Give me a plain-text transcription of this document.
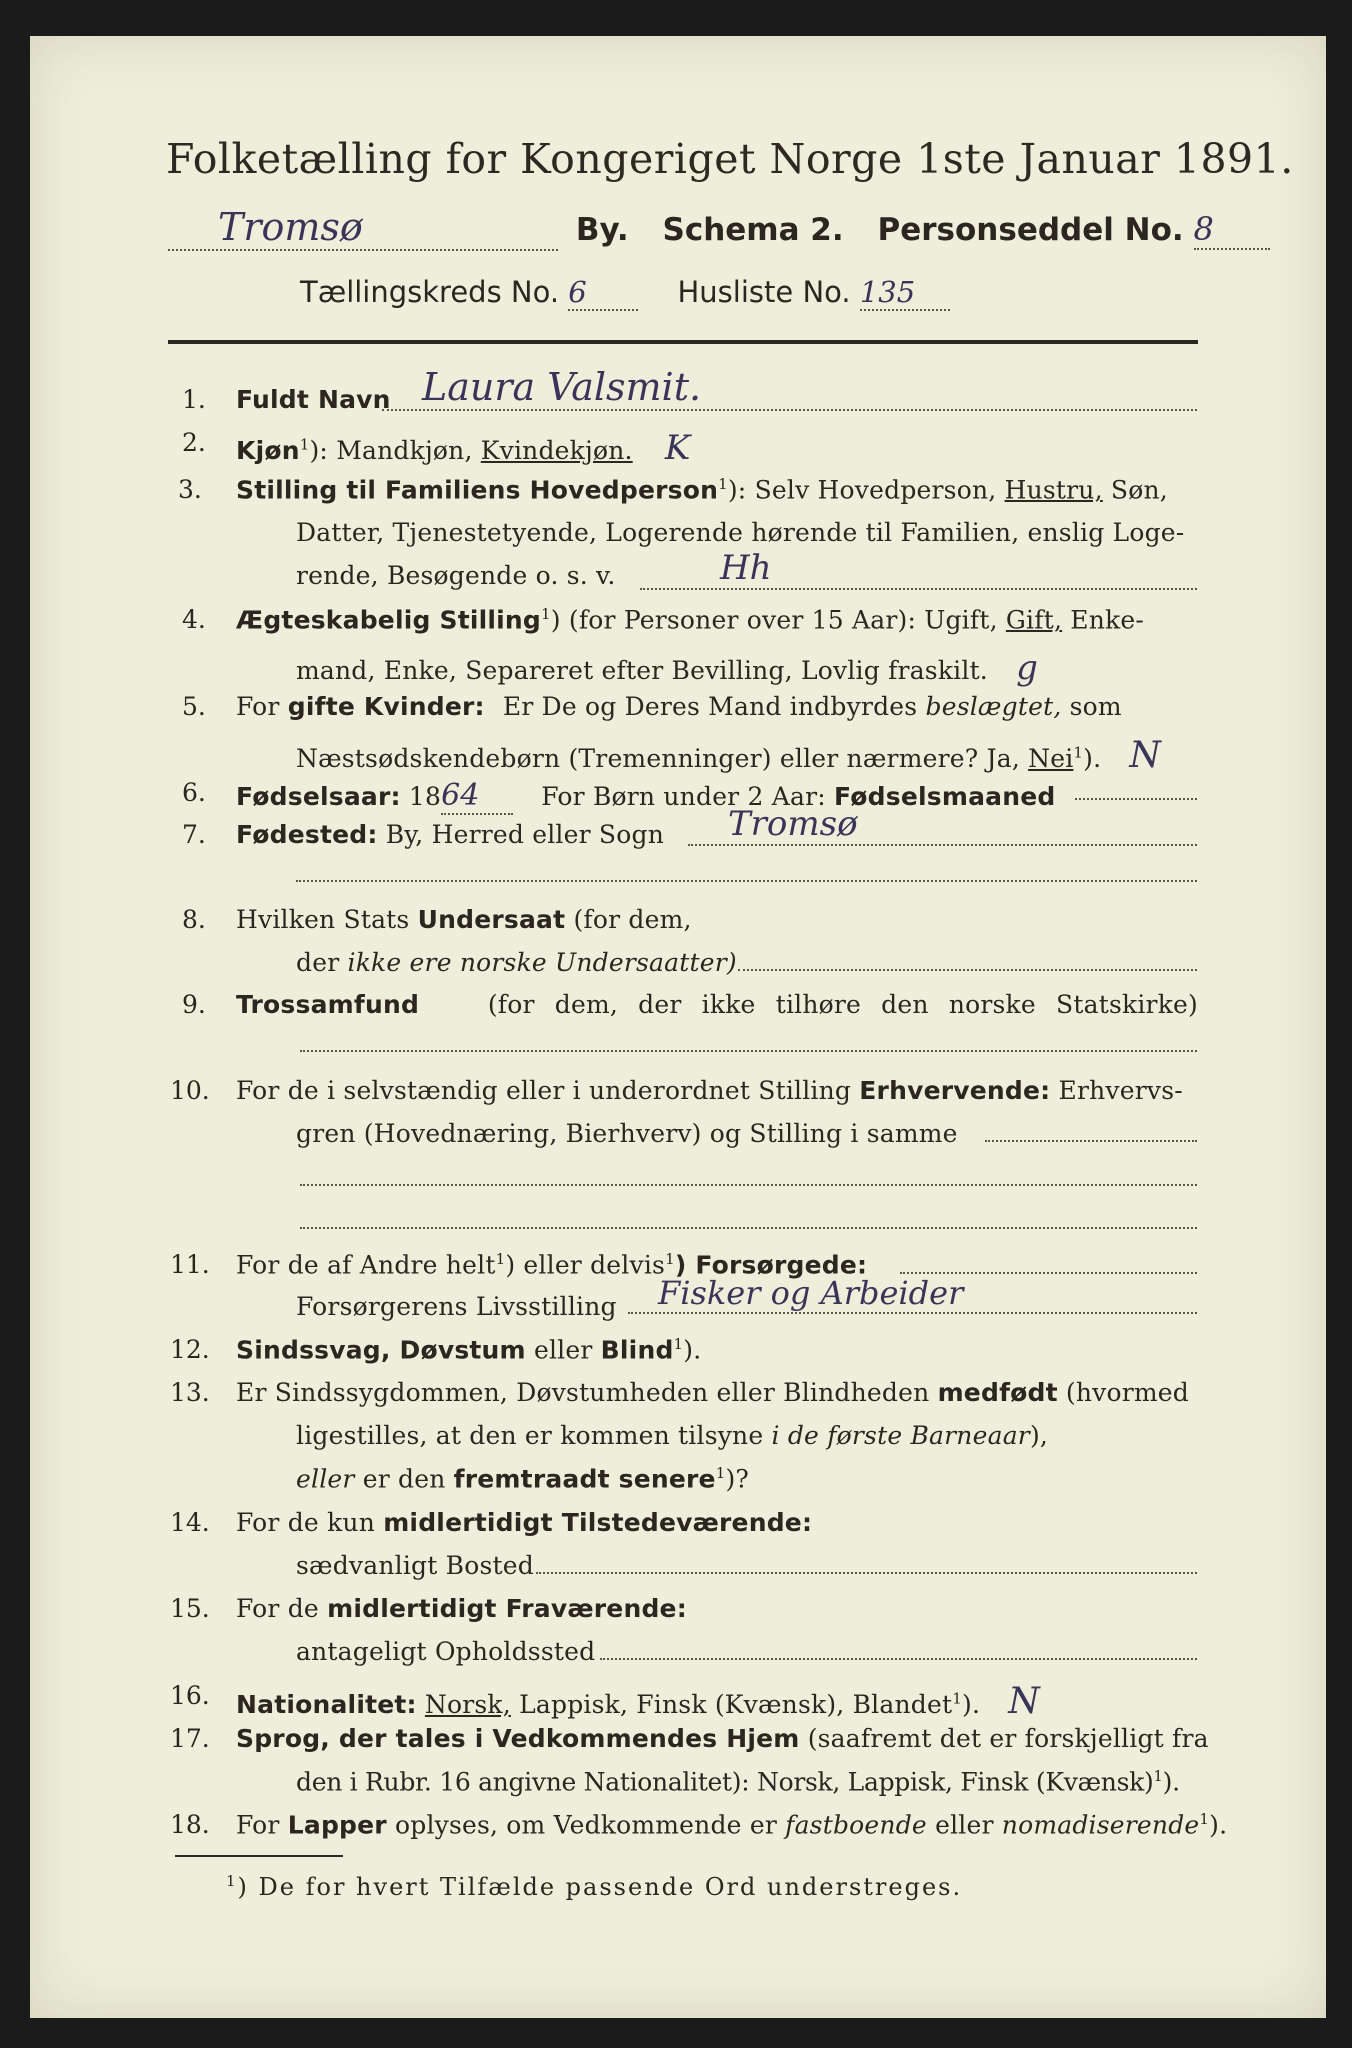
Folketælling for Kongeriget Norge 1ste Januar 1891.
Tromsø	By. Schema 2. Personseddel No. 8
Tællingskreds No. 6	Husliste No. 135
1. Fuldt Navn Laura Valsmit.
2. Kjøn$^1$): Mandkjøn, Kvindekjøn. K
3. Stilling til Familiens Hovedperson$^1$): Selv Hovedperson, Hustru, Søn,
Datter, Tjenestetyende, Logerende hørende til Familien, enslig Loge-
rende, Besøgende o. s. v.	Hh
4. Ægteskabelig Stilling$^1$) (for Personer over 15 Aar): Ugift, Gift, Enke-
mand, Enke, Separeret efter Bevilling, Lovlig fraskilt. g
5. For gifte Kvinder: Er De og Deres Mand indbyrdes beslægtet, som
Næstsødskendebørn (Tremenninger) eller nærmere? Ja, Nei$^1$). N
6. Fødselsaar: 1864 For Børn under 2 Aar: Fødselsmaaned
7. Fødested: By, Herred eller Sogn	Tromsø
8. Hvilken Stats Undersaat (for dem,
der ikke ere norske Undersaatter)
9. Trossamfund	(for dem, der ikke tilhøre den norske Statskirke)
10. For de i selvstændig eller i underordnet Stilling Erhvervende: Erhvervs-
gren (Hovednæring, Bierhverv) og Stilling i samme
11. For de af Andre helt$^1$) eller delvis$^1$) Forsørgede:
Forsørgerens Livsstilling	Fisker og Arbeider
12. Sindssvag, Døvstum eller Blind$^1$).
13. Er Sindssygdommen, Døvstumheden eller Blindheden medfødt (hvormed
ligestilles, at den er kommen tilsyne i de første Barneaar),
eller er den fremtraadt senere$^1$)?
14. For de kun midlertidigt Tilstedeværende:
sædvanligt Bosted
15. For de midlertidigt Fraværende:
antageligt Opholdssted
16. Nationalitet: Norsk, Lappisk, Finsk (Kvænsk), Blandet$^1$). N
17. Sprog, der tales i Vedkommendes Hjem (saafremt det er forskjelligt fra
den i Rubr. 16 angivne Nationalitet): Norsk, Lappisk, Finsk (Kvænsk)$^1$).
18. For Lapper oplyses, om Vedkommende er fastboende eller nomadiserende$^1$).
$^1$) De for hvert Tilfælde passende Ord understreges.
